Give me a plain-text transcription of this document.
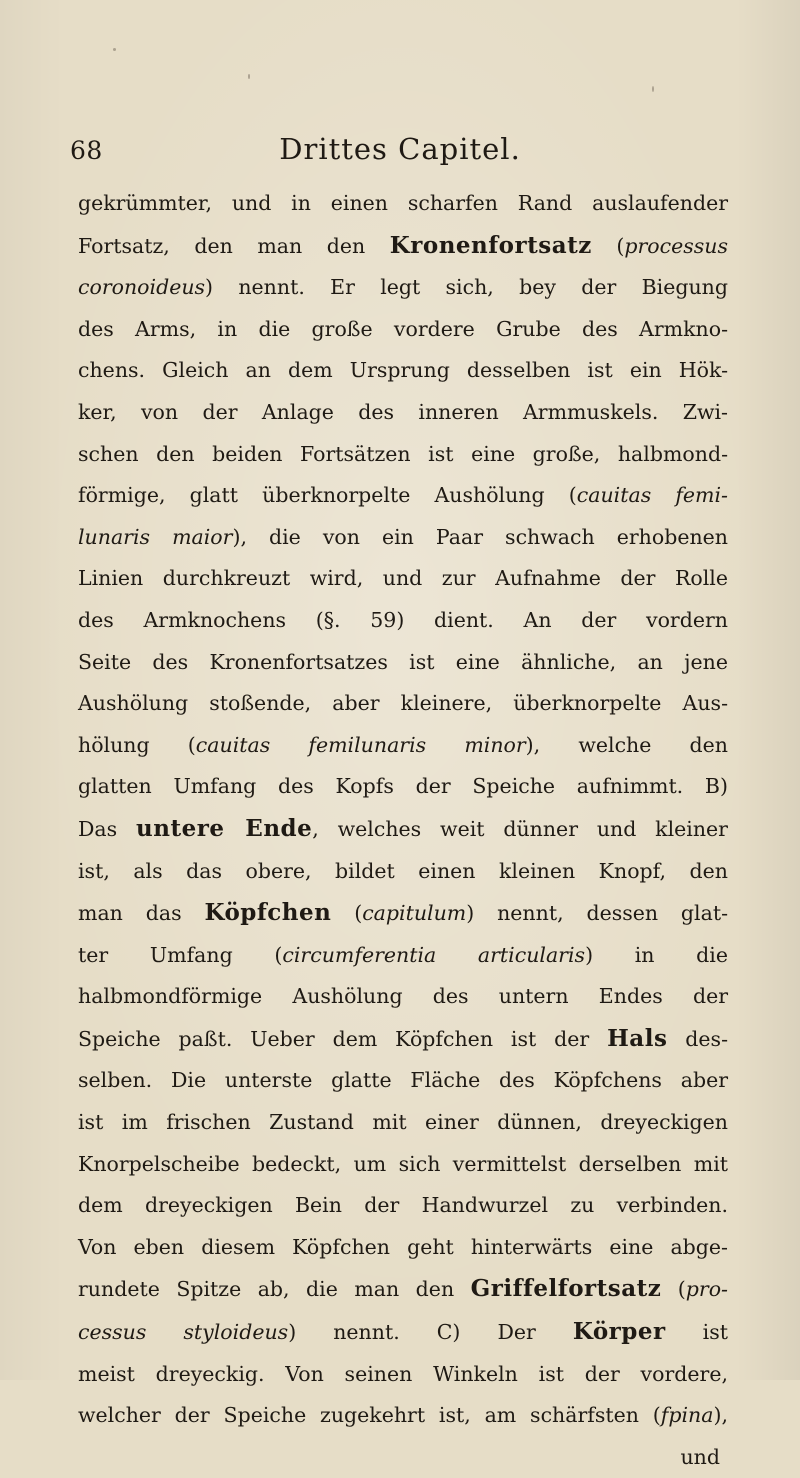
68	Drittes Capitel.
gekrümmter, und in einen scharfen Rand auslaufender
Fortsatz, den man den Kronenfortsatz (processus
coronoideus) nennt. Er legt sich, bey der Biegung
des Arms, in die große vordere Grube des Armkno-
chens. Gleich an dem Ursprung desselben ist ein Hök-
ker, von der Anlage des inneren Armmuskels. Zwi-
schen den beiden Fortsätzen ist eine große, halbmond-
förmige, glatt überknorpelte Aushölung (cauitas femi-
lunaris maior), die von ein Paar schwach erhobenen
Linien durchkreuzt wird, und zur Aufnahme der Rolle
des Armknochens (§. 59) dient. An der vordern
Seite des Kronenfortsatzes ist eine ähnliche, an jene
Aushölung stoßende, aber kleinere, überknorpelte Aus-
hölung (cauitas femilunaris minor), welche den
glatten Umfang des Kopfs der Speiche aufnimmt. B)
Das untere Ende, welches weit dünner und kleiner
ist, als das obere, bildet einen kleinen Knopf, den
man das Köpfchen (capitulum) nennt, dessen glat-
ter Umfang (circumferentia articularis) in die
halbmondförmige Aushölung des untern Endes der
Speiche paßt. Ueber dem Köpfchen ist der Hals des-
selben. Die unterste glatte Fläche des Köpfchens aber
ist im frischen Zustand mit einer dünnen, dreyeckigen
Knorpelscheibe bedeckt, um sich vermittelst derselben mit
dem dreyeckigen Bein der Handwurzel zu verbinden.
Von eben diesem Köpfchen geht hinterwärts eine abge-
rundete Spitze ab, die man den Griffelfortsatz (pro-
cessus styloideus) nennt. C) Der Körper ist
meist dreyeckig. Von seinen Winkeln ist der vordere,
welcher der Speiche zugekehrt ist, am schärfsten (fpina),
und
